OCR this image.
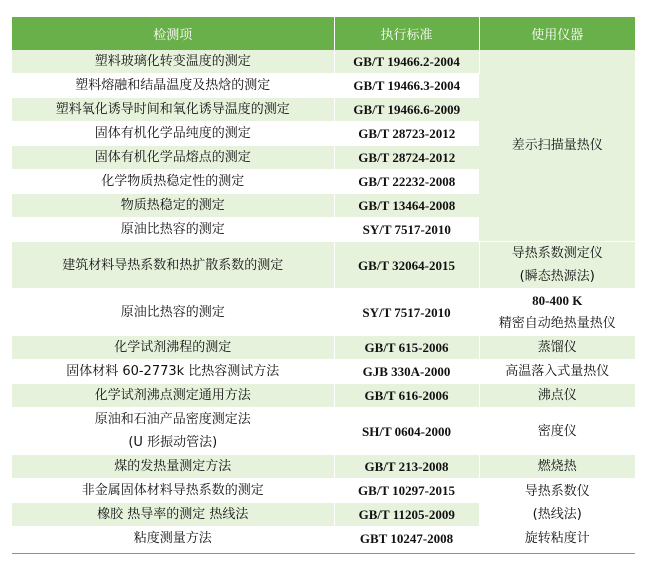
检测项	执行标准	使用仪器
塑料玻璃化转变温度的测定	GB/T 19466.2-2004	差示扫描量热仪
塑料熔融和结晶温度及热焓的测定	GB/T 19466.3-2004	
塑料氧化诱导时间和氧化诱导温度的测定	GB/T 19466.6-2009	
固体有机化学品纯度的测定	GB/T 28723-2012	
固体有机化学品熔点的测定	GB/T 28724-2012	
化学物质热稳定性的测定	GB/T 22232-2008	
物质热稳定的测定	GB/T 13464-2008	
原油比热容的测定	SY/T 7517-2010	
建筑材料导热系数和热扩散系数的测定	GB/T 32064-2015	导热系数测定仪
(瞬态热源法)

原油比热容的测定	SY/T 7517-2010	80-400 K
精密自动绝热量热仪

化学试剂沸程的测定	GB/T 615-2006	蒸馏仪
固体材料 60-2773k 比热容测试方法	GJB 330A-2000	高温落入式量热仪
化学试剂沸点测定通用方法	GB/T 616-2006	沸点仪

原油和石油产品密度测定法
(U 形振动管法)	SH/T 0604-2000	密度仪
煤的发热量测定方法	GB/T 213-2008	燃烧热
非金属固体材料导热系数的测定	GB/T 10297-2015	导热系数仪
(热线法)

橡胶 热导率的测定 热线法	GB/T 11205-2009	
粘度测量方法	GBT 10247-2008	旋转粘度计
